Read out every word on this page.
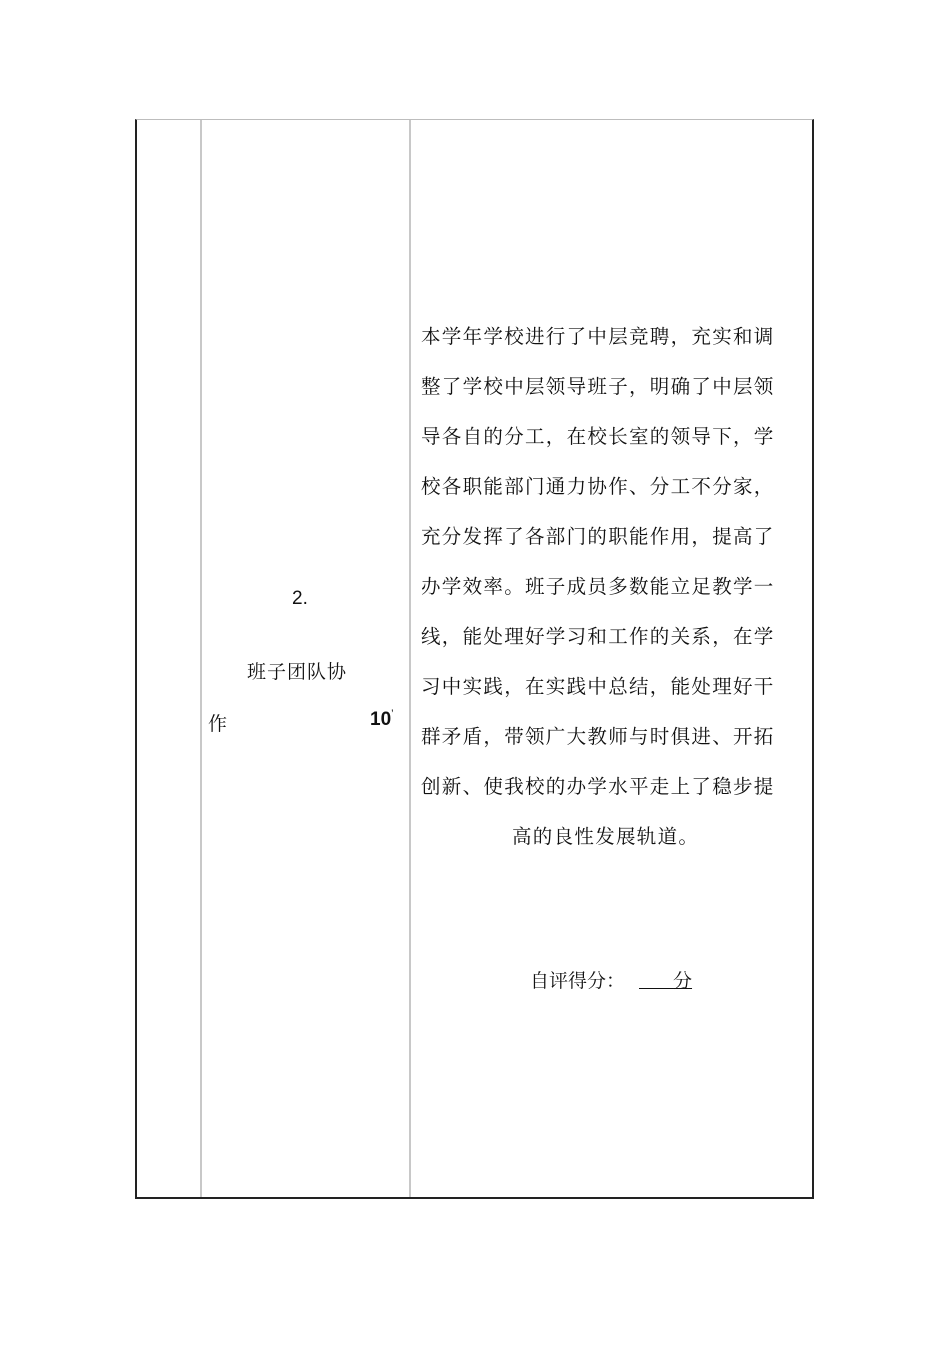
2.
班子团队协
作	10’
本学年学校进行了中层竞聘，充实和调
整了学校中层领导班子，明确了中层领
导各自的分工，在校长室的领导下，学
校各职能部门通力协作、分工不分家，
充分发挥了各部门的职能作用，提高了
办学效率。班子成员多数能立足教学一
线，能处理好学习和工作的关系，在学
习中实践，在实践中总结，能处理好干
群矛盾，带领广大教师与时俱进、开拓
创新、使我校的办学水平走上了稳步提
高的良性发展轨道。
自评得分：	分
